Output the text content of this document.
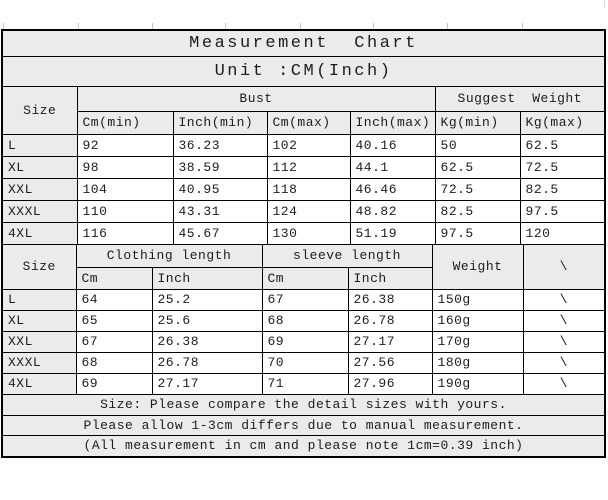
Measurement  Chart
Unit :CM(Inch)
Size	Bust				Suggest  Weight	
	Cm(min)	Inch(min)	Cm(max)	Inch(max)	Kg(min)	Kg(max)
L	92	36.23	102	40.16	50	62.5
XL	98	38.59	112	44.1	62.5	72.5
XXL	104	40.95	118	46.46	72.5	82.5
XXXL	110	43.31	124	48.82	82.5	97.5
4XL	116	45.67	130	51.19	97.5	120
Size	Clothing length		sleeve length		Weight	\
	Cm	Inch	Cm	Inch		
L	64	25.2	67	26.38	150g	\
XL	65	25.6	68	26.78	160g	\
XXL	67	26.38	69	27.17	170g	\
XXXL	68	26.78	70	27.56	180g	\
4XL	69	27.17	71	27.96	190g	\
Size: Please compare the detail sizes with yours.
Please allow 1-3cm differs due to manual measurement.
(All measurement in cm and please note 1cm=0.39 inch)
